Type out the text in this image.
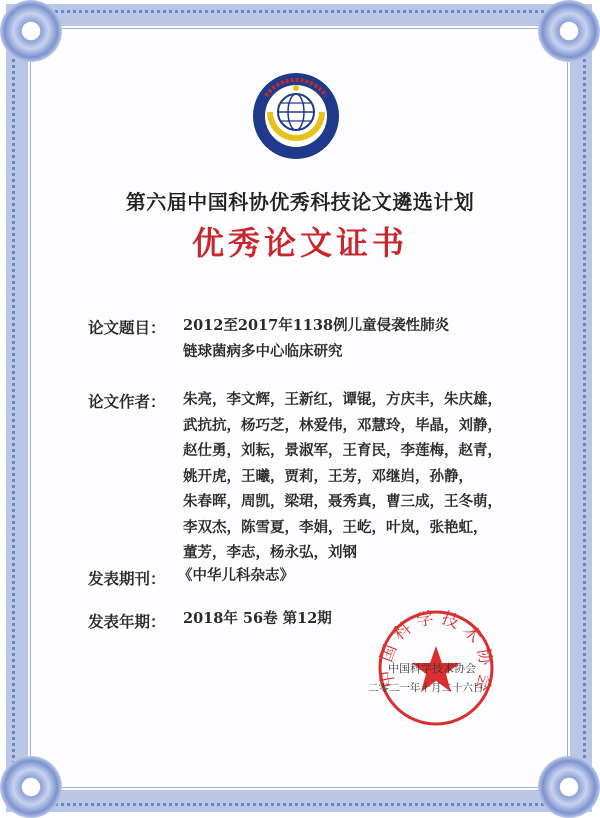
第六届中国科协优秀科技论文遴选计划
优秀论文证书
论文题目： 2012至2017年1138例儿童侵袭性肺炎
链球菌病多中心临床研究
论文作者： 朱亮，李文辉，王新红，谭锟，方庆丰，朱庆雄，
武抗抗，杨巧芝，林爱伟，邓慧玲，毕晶，刘静，
赵仕勇，刘耘，景淑军，王育民，李莲梅，赵青，
姚开虎，王曦，贾莉，王芳，邓继岿，孙静，
朱春晖，周凯，梁珺，聂秀真，曹三成，王冬萌，
李双杰，陈雪夏，李娟，王屹，叶岚，张艳虹，
董芳，李志，杨永弘，刘钢
发表期刊： 《中华儿科杂志》
发表年期： 2018年 56卷 第12期
中国科学技术协会
中国科学技术协会
二零二一年十月二十六日
